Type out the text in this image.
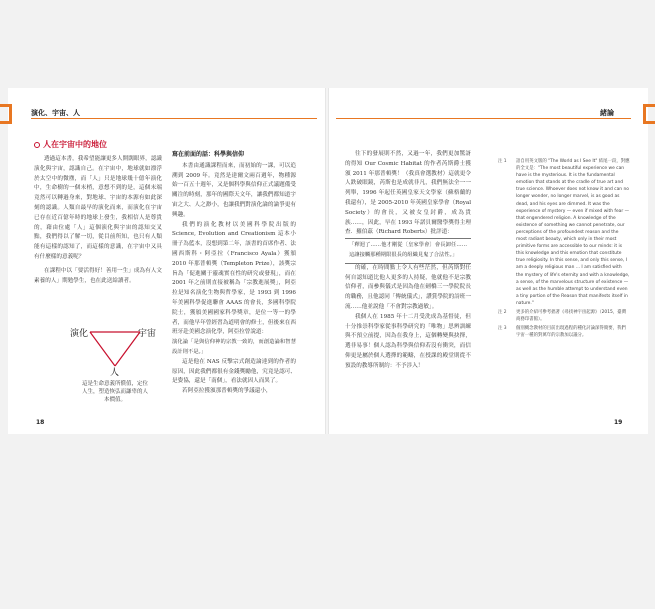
演化、宇宙、人	緒論
人在宇宙中的地位

透過這本書，我希望能讓更多人開闊眼界，認識演化與宇宙，認識自己。在宇宙中，地球就如漂浮於太空中的微塵，而「人」只是地球幾十億年演化中，生命樹的一個末梢，意想不到的是，這個末端竟然可以轉過身來，對地球、宇宙的本源有如此深刻的認識。人類自最早的演化而來，而演化在宇宙已存在近百億年時的地球上發生，我相信人是尊貴的，藉由位處「人」這個演化與宇宙的認知交叉點，我們得以了解一切，從目前所知，也只有人類能有這樣的認知了，而這樣的意識，在宇宙中又具有什麼樣的意義呢？

在課程中以「要活得好！善用一生」成為有人文素養的人」期勉學生，也在此送給讀者。

寫在前面的話：科學與信仰

本書由通識課程而來，而初始的一課，可以追溯到 2009 年。竟然是達爾文兩百週年，物種源始一百五十週年，又是個科學與信仰正式議題備受關注的時刻，那年的國際天文年，讓我們都知道宇宙之大、人之渺小，也讓我們對演化論的論爭更有興趣。

我們的演化教材以美國科學院出版的 Science, Evolution and Creationism 這本小冊子為藍本，沒想到第二年，該書的首席作者、法國西斯科・阿亞拉（Francisco Ayala）獲頒 2010 年那普頓獎（Templeton Prize），該獎宗旨為「促進關于靈魂實在性的研究或發現」，而在 2001 年之前則直接被稱為「宗教進展獎」，阿亞拉是知名演化生物與哲學家，是 1993 到 1996 年美國科學促進聯會 AAAS 的會長，多國科學院院士，獲頒美國國家科學獎章，是位一等一的學者，而他早年曾經習為道明會的修士，但後來在西班牙赴美國念演化學，阿亞拉曾說道：

演化論「是與信仰神的宗教一致的，而創造論和智慧設計則不是。」

這是他在 NAS 反擊宗式創造論達到的作者的原因，因此我們都很有金錢獎勵他，究竟是認可、是姿協，還是「南個」，看法就因人而異了。

若阿亞拉獲頒那普頓獎的爭議還小，

往下的發展則不然，又過一年，我們更加驚訝的得知 Our Cosmic Habitat 的作者芮斯爵士獲頒 2011 年那普頓獎！（我真會選教材）這就更令人跌破眼鏡，芮斯也是成就非凡，我們無法全一一列舉，1996 年起任英國皇家天文學家（蘇格蘭的我還有），是 2005-2010 年英國皇家學會（Royal Society）的會長，又被女皇封爵，成為貴族……，因此，早在 1993 年諾貝爾醫學獎得主理查．羅伯茲（Richard Roberts）批評道：

「釋迴了……他才剛從〔皇家學會〕會長卸任……這讓接觸那種期限很長的組織見鬼了合法性。」

的確，在時間點上令人有些茫然，但芮斯對任何自認知道比他人更多的人持疑，他就他不是宗教信仰者，而參與儀式是因為他在劍橋三一學院院長的職務，且他認同「傳統儀式」，讚賞學院的詩班一流……他並說他「不會對宗教過敏」。

我個人在 1985 年十二月受洗成為基督徒，但十分推崇科學家從事科學研究的「唯物」思辨訓練與不預立前提，因為在我身上，這個轉變與抉擇，選非易事！個人認為科學與信仰若沒有衝突，而信仰更是屬於個人選擇的範疇，在授課的殿堂則從不預設的教導所制約：不予涉入！

注 1	語自用英文版的 "The World as I See It" 結尾一段，對應的全文是："The most beautiful experience we can have is the mysterious. It is the fundamental emotion that stands at the cradle of true art and true science. Whoever does not know it and can no longer wonder, no longer marvel, is as good as dead, and his eyes are dimmed. It was the experience of mystery — even if mixed with fear — that engendered religion. A knowledge of the existence of something we cannot penetrate, our perceptions of the profoundest reason and the most radiant beauty, which only in their most primitive forms are accessible to our minds: it is this knowledge and this emotion that constitute true religiosity. In this sense, and only this sense, I am a deeply religious man ... I am satisfied with the mystery of life's eternity and with a knowledge, a sense, of the marvelous structure of existence — as well as the humble attempt to understand even a tiny portion of the Reason that manifests itself in nature."
注 2	更多的介紹可參考拙著《尋找神宇宙起源》（2015，臺灣商務印書館）。
注 3	個別概念教材的目前出現過程的種化討論深得簡要，我們宇宙一種的對萬年的宗教加以議分。
演化	宇宙
人
這是生命意義所償值，定位人生，塑造恢弘而謙卑的人本價值。
18	19
